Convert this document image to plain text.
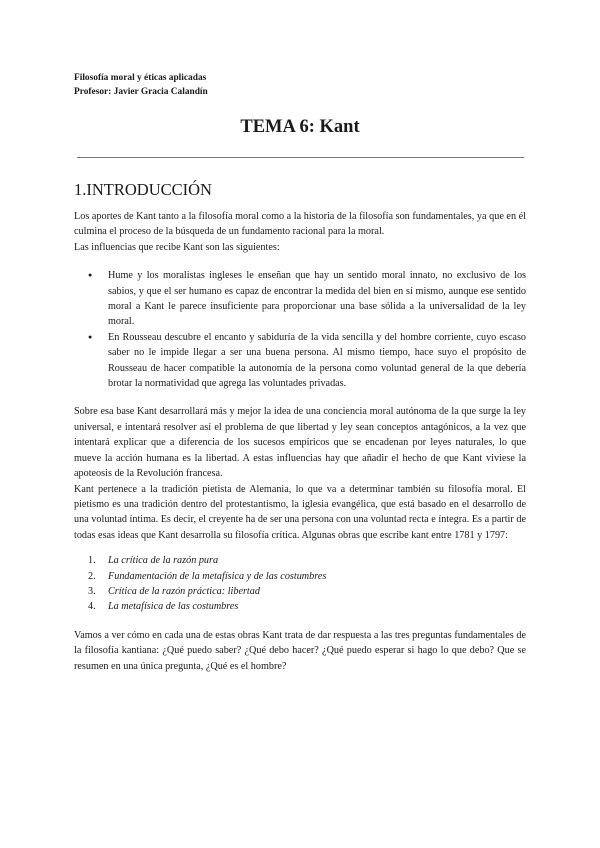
Filosofía moral y éticas aplicadas
Profesor: Javier Gracia Calandín
TEMA 6: Kant
1.INTRODUCCIÓN

Los aportes de Kant tanto a la filosofía moral como a la historia de la filosofía son fundamentales, ya que en él culmina el proceso de la búsqueda de un fundamento racional para la moral.

Las influencias que recibe Kant son las siguientes:

● Hume y los moralistas ingleses le enseñan que hay un sentido moral innato, no exclusivo de los sabios, y que el ser humano es capaz de encontrar la medida del bien en sí mismo, aunque ese sentido moral a Kant le parece insuficiente para proporcionar una base sólida a la universalidad de la ley moral.
● En Rousseau descubre el encanto y sabiduría de la vida sencilla y del hombre corriente, cuyo escaso saber no le impide llegar a ser una buena persona. Al mismo tiempo, hace suyo el propósito de Rousseau de hacer compatible la autonomía de la persona como voluntad general de la que debería brotar la normatividad que agrega las voluntades privadas.

Sobre esa base Kant desarrollará más y mejor la idea de una conciencia moral autónoma de la que surge la ley universal, e intentará resolver así el problema de que libertad y ley sean conceptos antagónicos, a la vez que intentará explicar que a diferencia de los sucesos empíricos que se encadenan por leyes naturales, lo que mueve la acción humana es la libertad. A estas influencias hay que añadir el hecho de que Kant viviese la apoteosis de la Revolución francesa.

Kant pertenece a la tradición pietista de Alemania, lo que va a determinar también su filosofía moral. El pietismo es una tradición dentro del protestantismo, la iglesia evangélica, que está basado en el desarrollo de una voluntad íntima. Es decir, el creyente ha de ser una persona con una voluntad recta e íntegra. Es a partir de todas esas ideas que Kant desarrolla su filosofía crítica. Algunas obras que escribe kant entre 1781 y 1797:

1.	La crítica de la razón pura
2.	Fundamentación de la metafísica y de las costumbres
3.	Crítica de la razón práctica: libertad
4.	La metafísica de las costumbres

Vamos a ver cómo en cada una de estas obras Kant trata de dar respuesta a las tres preguntas fundamentales de la filosofía kantiana: ¿Qué puedo saber? ¿Qué debo hacer? ¿Qué puedo esperar si hago lo que debo? Que se resumen en una única pregunta, ¿Qué es el hombre?
